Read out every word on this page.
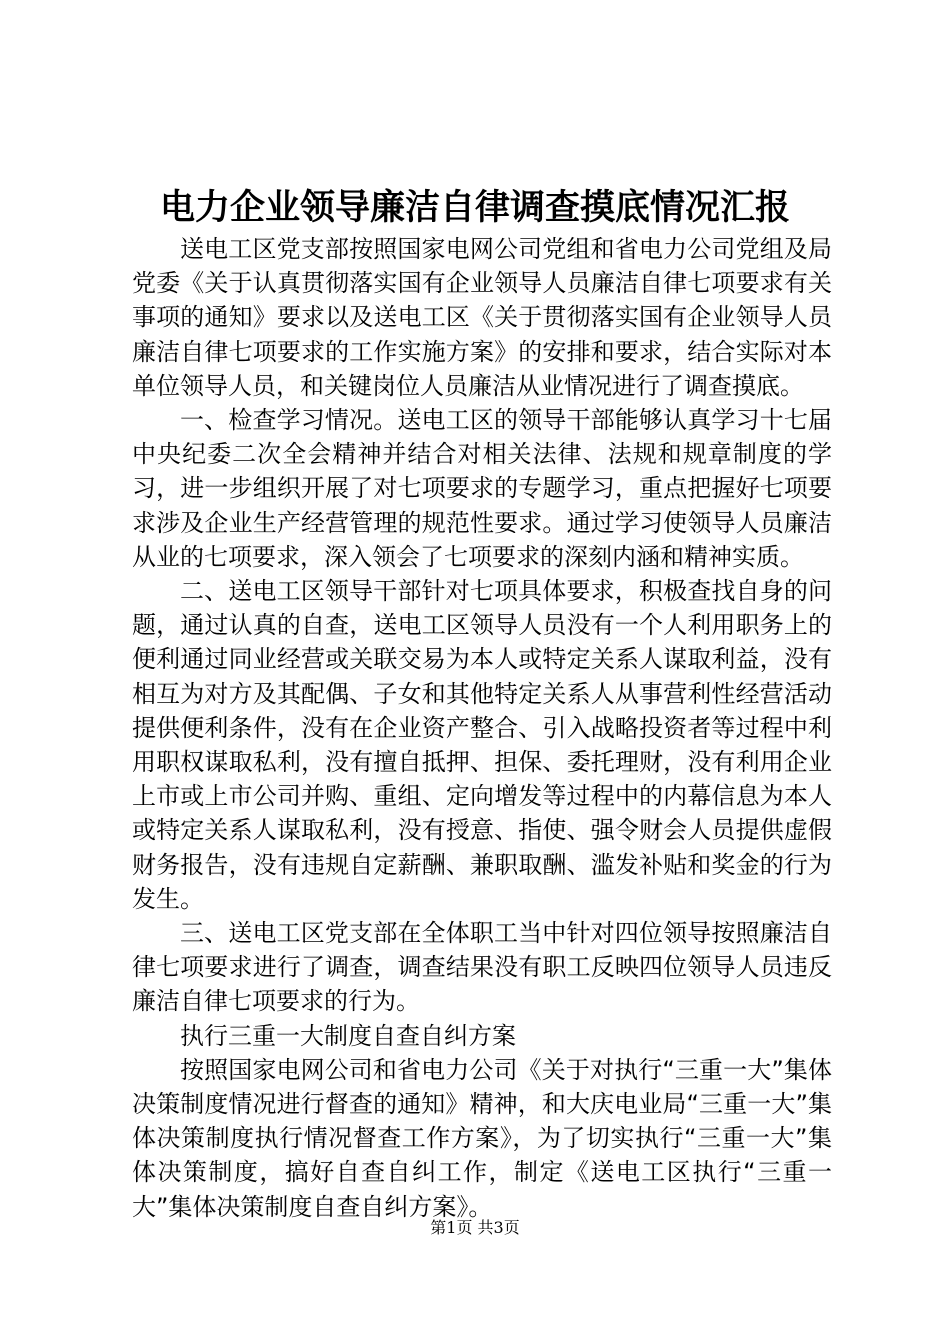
电力企业领导廉洁自律调查摸底情况汇报

送电工区党支部按照国家电网公司党组和省电力公司党组及局党委《关于认真贯彻落实国有企业领导人员廉洁自律七项要求有关事项的通知》要求以及送电工区《关于贯彻落实国有企业领导人员廉洁自律七项要求的工作实施方案》的安排和要求，结合实际对本单位领导人员，和关键岗位人员廉洁从业情况进行了调查摸底。

一、检查学习情况。送电工区的领导干部能够认真学习十七届中央纪委二次全会精神并结合对相关法律、法规和规章制度的学习，进一步组织开展了对七项要求的专题学习，重点把握好七项要求涉及企业生产经营管理的规范性要求。通过学习使领导人员廉洁从业的七项要求，深入领会了七项要求的深刻内涵和精神实质。

二、送电工区领导干部针对七项具体要求，积极查找自身的问题，通过认真的自查，送电工区领导人员没有一个人利用职务上的便利通过同业经营或关联交易为本人或特定关系人谋取利益，没有相互为对方及其配偶、子女和其他特定关系人从事营利性经营活动提供便利条件，没有在企业资产整合、引入战略投资者等过程中利用职权谋取私利，没有擅自抵押、担保、委托理财，没有利用企业上市或上市公司并购、重组、定向增发等过程中的内幕信息为本人或特定关系人谋取私利，没有授意、指使、强令财会人员提供虚假财务报告，没有违规自定薪酬、兼职取酬、滥发补贴和奖金的行为发生。

三、送电工区党支部在全体职工当中针对四位领导按照廉洁自律七项要求进行了调查，调查结果没有职工反映四位领导人员违反廉洁自律七项要求的行为。

执行三重一大制度自查自纠方案

按照国家电网公司和省电力公司《关于对执行“三重一大”集体决策制度情况进行督查的通知》精神，和大庆电业局“三重一大”集体决策制度执行情况督查工作方案》，为了切实执行“三重一大”集体决策制度，搞好自查自纠工作，制定《送电工区执行“三重一大”集体决策制度自查自纠方案》。

第1页 共3页
